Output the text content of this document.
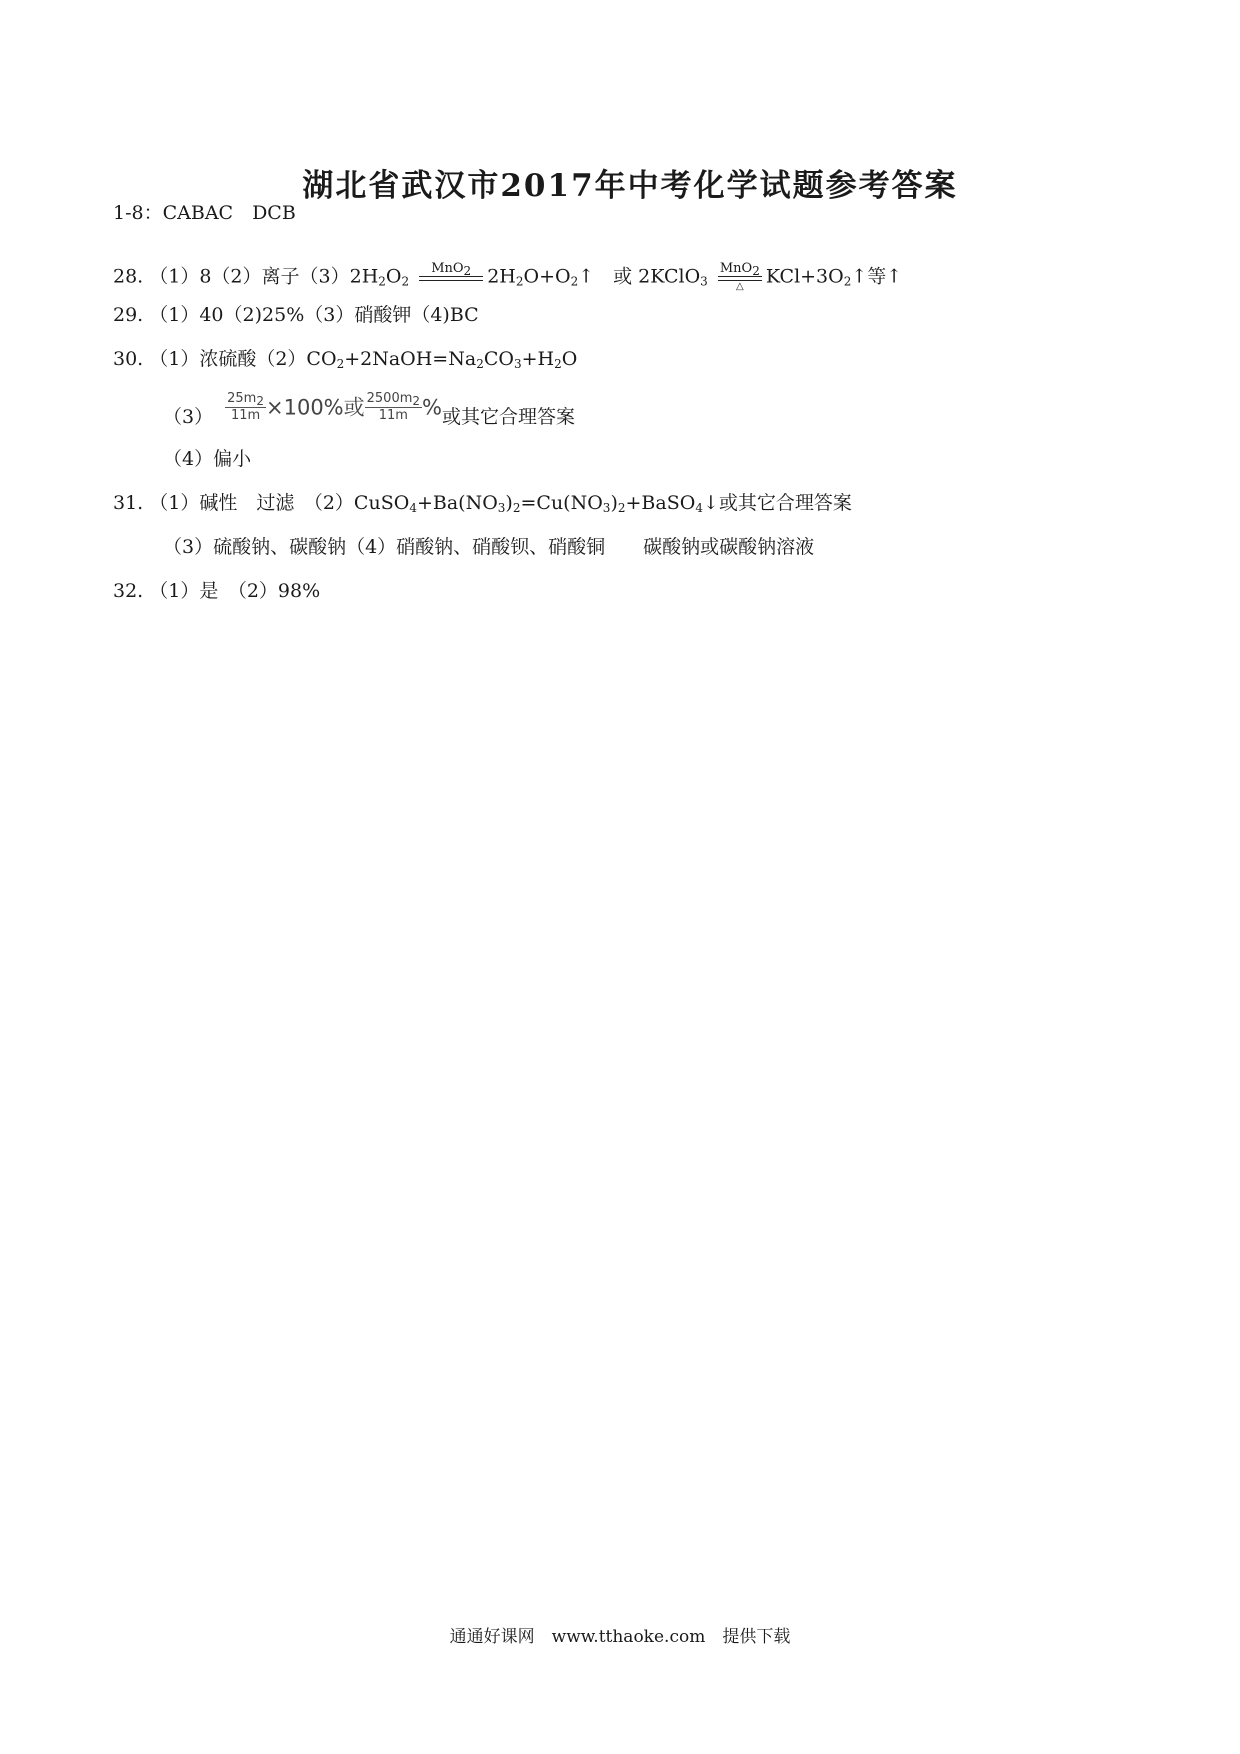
湖北省武汉市2017年中考化学试题参考答案
1-8：CABAC　DCB
28. （1）8（2）离子$(3)2H_2O_2$
MnO$_2$
$2H_2O+O_2↑$　或 2KClO$_3$
MnO$_2$
△	$KCl+3O_2↑$等↑
29. （1）40（2)25%（3）硝酸钾（4)BC
30. （1）浓硫酸$(2)CO_2+2NaOH=Na_2CO_3+H_2O$
$(3) \frac{25m_2}{11m} \times 100\%$或 $\frac{2500m_2}{11m}$ %或其它合理答案
（4）偏小
31. （1）碱性　过滤　$(2)CuSO_4+Ba(NO_3)_2=Cu(NO_3)_2+BaSO_4↓$或其它合理答案
（3）硫酸钠、碳酸钠（4）硝酸钠、硝酸钡、硝酸铜　　碳酸钠或碳酸钠溶液
32. （1）是　（2）98%
通通好课网　www.tthaoke.com　提供下载
